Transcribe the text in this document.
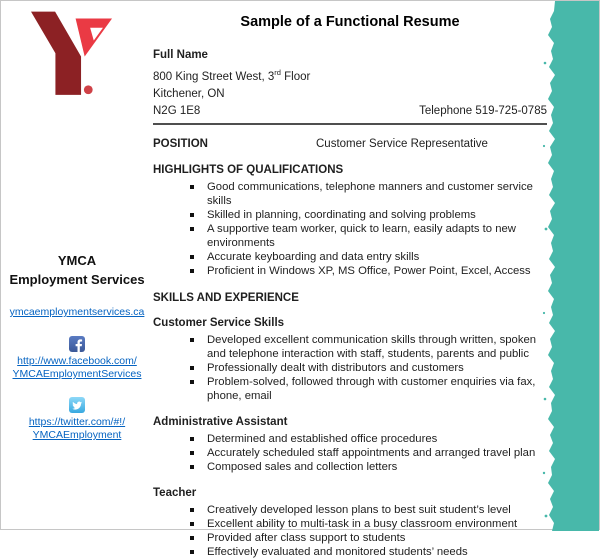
YMCA
Employment Services
ymcaemploymentservices.ca
http://www.facebook.com/
YMCAEmploymentServices
https://twitter.com/#!/
YMCAEmployment
Sample of a Functional Resume
Full Name
800 King Street West, 3rd Floor
Kitchener, ON
N2G 1E8	Telephone 519-725-0785
POSITION	Customer Service Representative
HIGHLIGHTS OF QUALIFICATIONS
Good communications, telephone manners and customer service skills
Skilled in planning, coordinating and solving problems
A supportive team worker, quick to learn, easily adapts to new environments
Accurate keyboarding and data entry skills
Proficient in Windows XP, MS Office, Power Point, Excel, Access
SKILLS AND EXPERIENCE
Customer Service Skills
Developed excellent communication skills through written, spoken and telephone interaction with staff, students, parents and public
Professionally dealt with distributors and customers
Problem-solved, followed through with customer enquiries via fax, phone, email
Administrative Assistant
Determined and established office procedures
Accurately scheduled staff appointments and arranged travel plan
Composed sales and collection letters
Teacher
Creatively developed lesson plans to best suit student’s level
Excellent ability to multi-task in a busy classroom environment
Provided after class support to students
Effectively evaluated and monitored students’ needs
